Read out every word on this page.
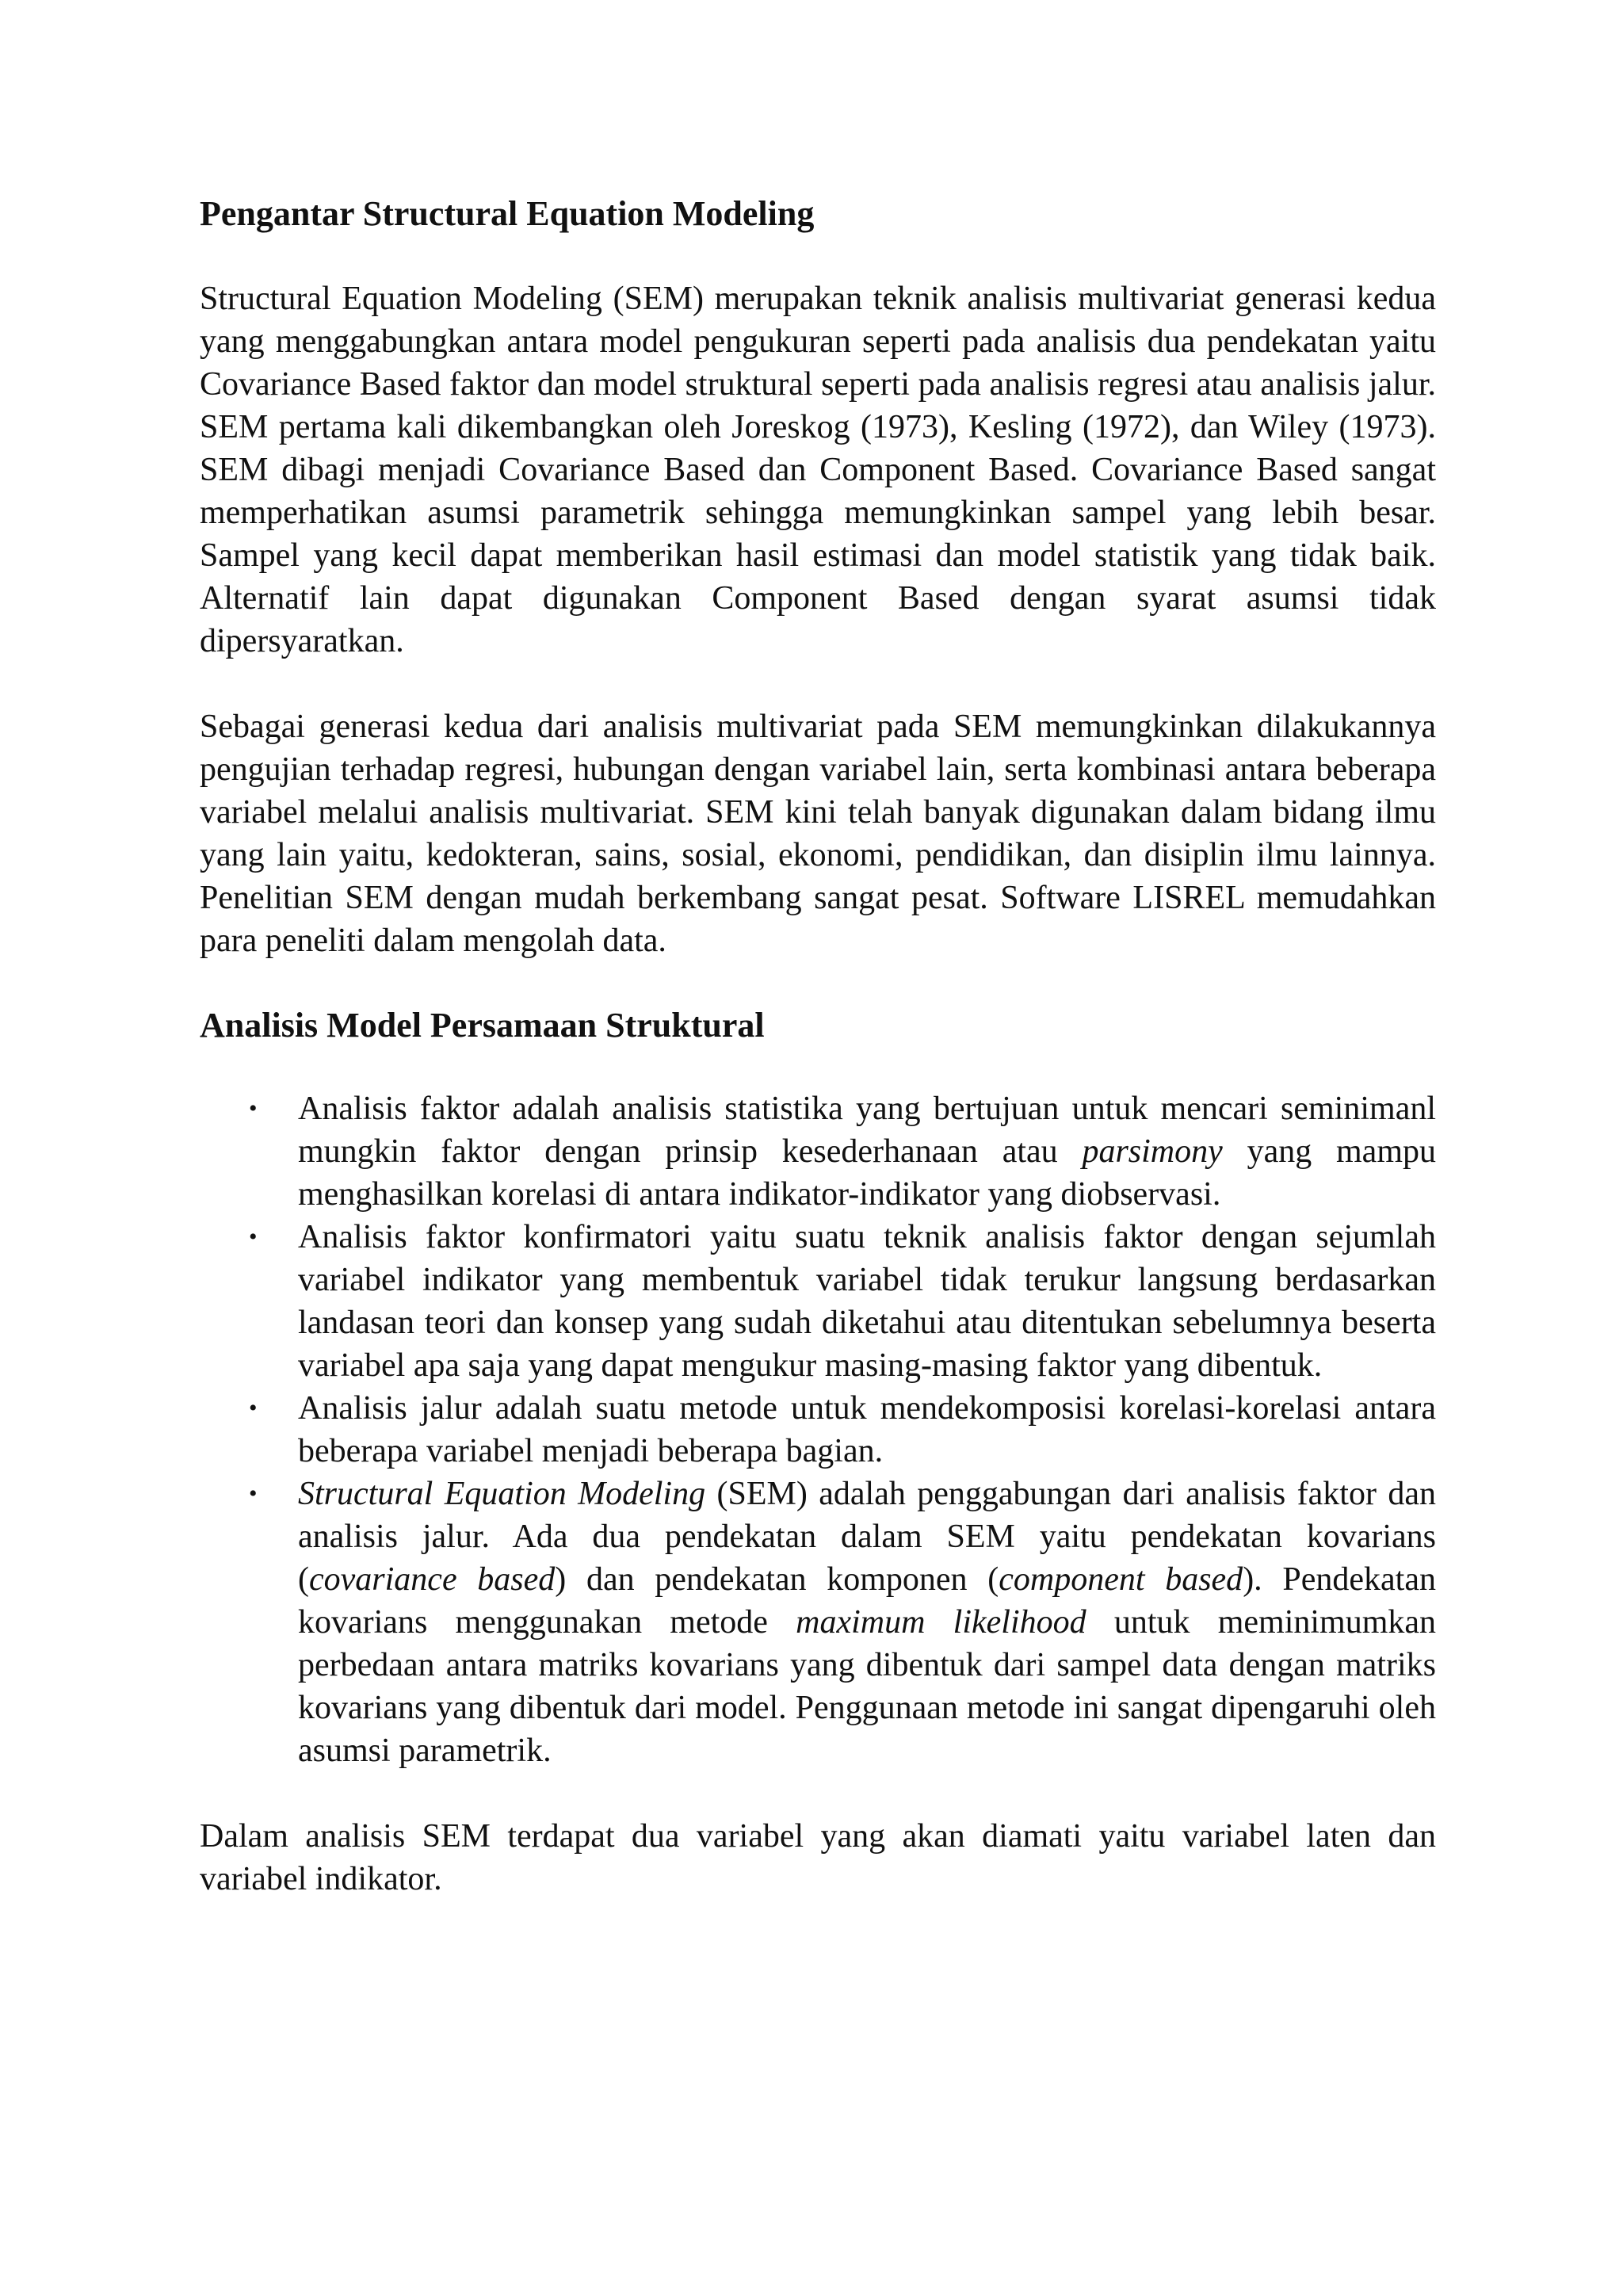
Pengantar Structural Equation Modeling

Structural Equation Modeling (SEM) merupakan teknik analisis multivariat generasi kedua yang menggabungkan antara model pengukuran seperti pada analisis dua pendekatan yaitu Covariance Based faktor dan model struktural seperti pada analisis regresi atau analisis jalur. SEM pertama kali dikembangkan oleh Joreskog (1973), Kesling (1972), dan Wiley (1973). SEM dibagi menjadi Covariance Based dan Component Based. Covariance Based sangat memperhatikan asumsi parametrik sehingga memungkinkan sampel yang lebih besar. Sampel yang kecil dapat memberikan hasil estimasi dan model statistik yang tidak baik. Alternatif lain dapat digunakan Component Based dengan syarat asumsi tidak dipersyaratkan.

Sebagai generasi kedua dari analisis multivariat pada SEM memungkinkan dilakukannya pengujian terhadap regresi, hubungan dengan variabel lain, serta kombinasi antara beberapa variabel melalui analisis multivariat. SEM kini telah banyak digunakan dalam bidang ilmu yang lain yaitu, kedokteran, sains, sosial, ekonomi, pendidikan, dan disiplin ilmu lainnya. Penelitian SEM dengan mudah berkembang sangat pesat. Software LISREL memudahkan para peneliti dalam mengolah data.

Analisis Model Persamaan Struktural
• Analisis faktor adalah analisis statistika yang bertujuan untuk mencari seminimanl mungkin faktor dengan prinsip kesederhanaan atau parsimony yang mampu menghasilkan korelasi di antara indikator-indikator yang diobservasi.
• Analisis faktor konfirmatori yaitu suatu teknik analisis faktor dengan sejumlah variabel indikator yang membentuk variabel tidak terukur langsung berdasarkan landasan teori dan konsep yang sudah diketahui atau ditentukan sebelumnya beserta variabel apa saja yang dapat mengukur masing-masing faktor yang dibentuk.
• Analisis jalur adalah suatu metode untuk mendekomposisi korelasi-korelasi antara beberapa variabel menjadi beberapa bagian.
• Structural Equation Modeling (SEM) adalah penggabungan dari analisis faktor dan analisis jalur. Ada dua pendekatan dalam SEM yaitu pendekatan kovarians (covariance based) dan pendekatan komponen (component based). Pendekatan kovarians menggunakan metode maximum likelihood untuk meminimumkan perbedaan antara matriks kovarians yang dibentuk dari sampel data dengan matriks kovarians yang dibentuk dari model. Penggunaan metode ini sangat dipengaruhi oleh asumsi parametrik.

Dalam analisis SEM terdapat dua variabel yang akan diamati yaitu variabel laten dan variabel indikator.
